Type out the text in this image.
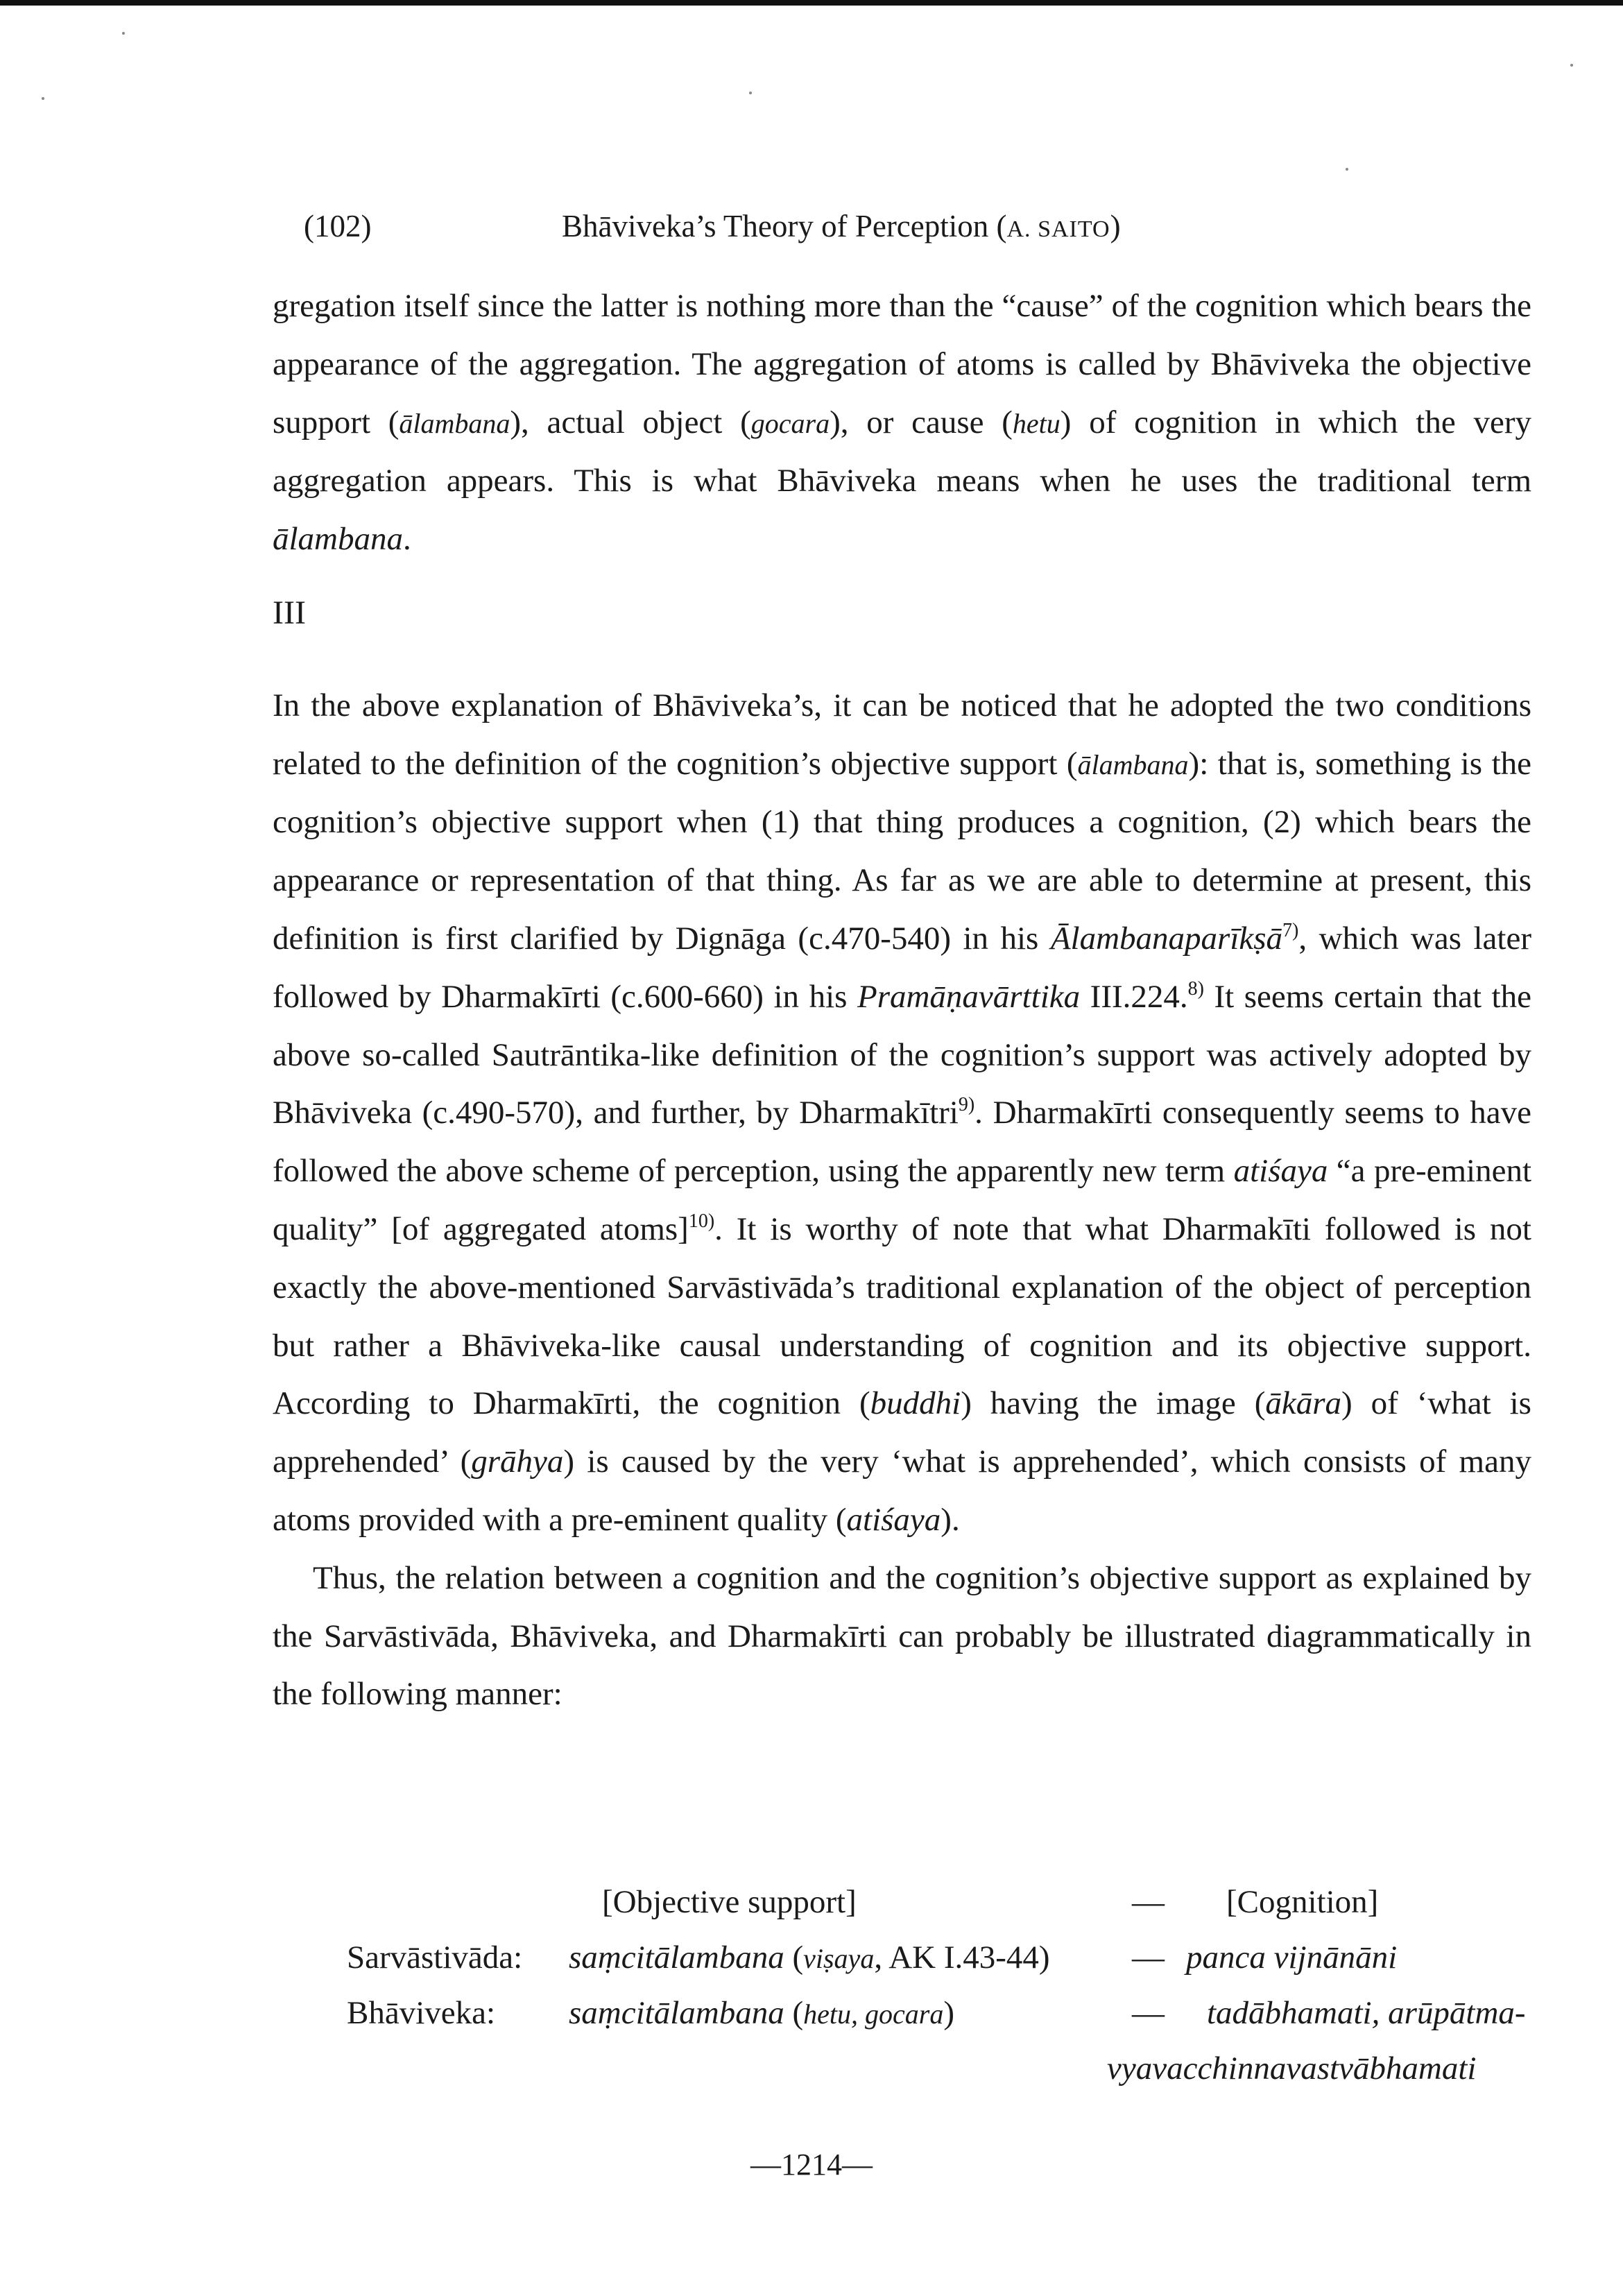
(102)	Bhāviveka’s Theory of Perception (A. SAITO)

gregation itself since the latter is nothing more than the “cause” of the cognition which bears the appearance of the aggregation. The aggregation of atoms is called by Bhāviveka the objective support (ālambana), actual object (gocara), or cause (hetu) of cognition in which the very aggregation appears. This is what Bhāviveka means when he uses the traditional term ālambana.

III

In the above explanation of Bhāviveka’s, it can be noticed that he adopted the two conditions related to the definition of the cognition’s objective support (ālambana): that is, something is the cognition’s objective support when (1) that thing produces a cognition, (2) which bears the appearance or representation of that thing. As far as we are able to determine at present, this definition is first clarified by Dignāga (c.470-540) in his Ālambanaparīkṣā$^{7)}$, which was later followed by Dharmakīrti (c.600-660) in his Pramāṇavārttika III.224.$^{8)}$ It seems certain that the above so-called Sautrāntika-like definition of the cognition’s support was actively adopted by Bhāviveka (c.490-570), and further, by Dharmakītri$^{9)}$. Dharmakīrti consequently seems to have followed the above scheme of perception, using the apparently new term atiśaya “a pre-eminent quality” [of aggregated atoms]$^{10)}$. It is worthy of note that what Dharmakīti followed is not exactly the above-mentioned Sarvāstivāda’s traditional explanation of the object of perception but rather a Bhāviveka-like causal understanding of cognition and its objective support. According to Dharmakīrti, the cognition (buddhi) having the image (ākāra) of ‘what is apprehended’ (grāhya) is caused by the very ‘what is apprehended’, which consists of many atoms provided with a pre-eminent quality (atiśaya).

Thus, the relation between a cognition and the cognition’s objective support as explained by the Sarvāstivāda, Bhāviveka, and Dharmakīrti can probably be illustrated diagrammatically in the following manner:

[Objective support]	— [Cognition]
Sarvāstivāda: saṃcitālambana (viṣaya, AK I.43-44)	— panca vijnānāni
Bhāviveka: saṃcitālambana (hetu, gocara)	— tadābhamati, arūpātma-
vyavacchinnavastvābhamati
—1214—
